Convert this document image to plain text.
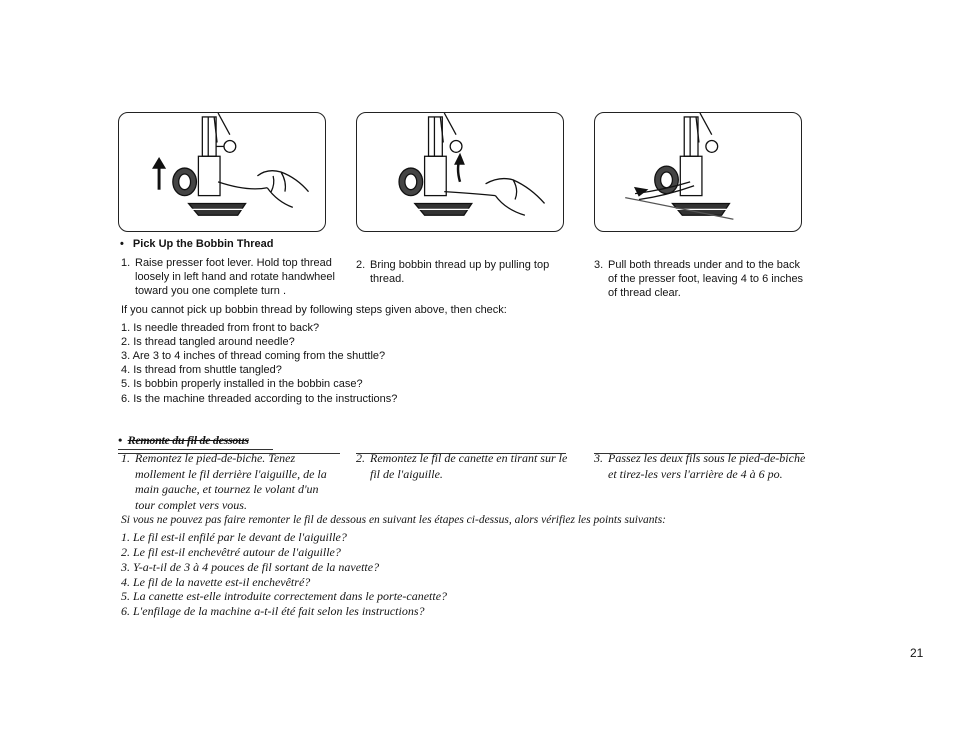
• Pick Up the Bobbin Thread
1. Raise presser foot lever. Hold top thread
loosely in left hand and rotate handwheel
toward you one complete turn .
2. Bring bobbin thread up by pulling top
thread.
3. Pull both threads under and to the back
of the presser foot, leaving 4 to 6 inches
of thread clear.
If you cannot pick up bobbin thread by following steps given above, then check:
1. Is needle threaded from front to back?
2. Is thread tangled around needle?
3. Are 3 to 4 inches of thread coming from the shuttle?
4. Is thread from shuttle tangled?
5. Is bobbin properly installed in the bobbin case?
6. Is the machine threaded according to the instructions?
• Remonte du fil de dessous
1. Remontez le pied-de-biche. Tenez
mollement le fil derrière l'aiguille, de la
main gauche, et tournez le volant d'un
tour complet vers vous.
2. Remontez le fil de canette en tirant sur le
fil de l'aiguille.
3. Passez les deux fils sous le pied-de-biche
et tirez-les vers l'arrière de 4 à 6 po.
Si vous ne pouvez pas faire remonter le fil de dessous en suivant les étapes ci-dessus, alors vérifiez les points suivants:
1. Le fil est-il enfilé par le devant de l'aiguille?
2. Le fil est-il enchevêtré autour de l'aiguille?
3. Y-a-t-il de 3 à 4 pouces de fil sortant de la navette?
4. Le fil de la navette est-il enchevêtré?
5. La canette est-elle introduite correctement dans le porte-canette?
6. L'enfilage de la machine a-t-il été fait selon les instructions?
21
